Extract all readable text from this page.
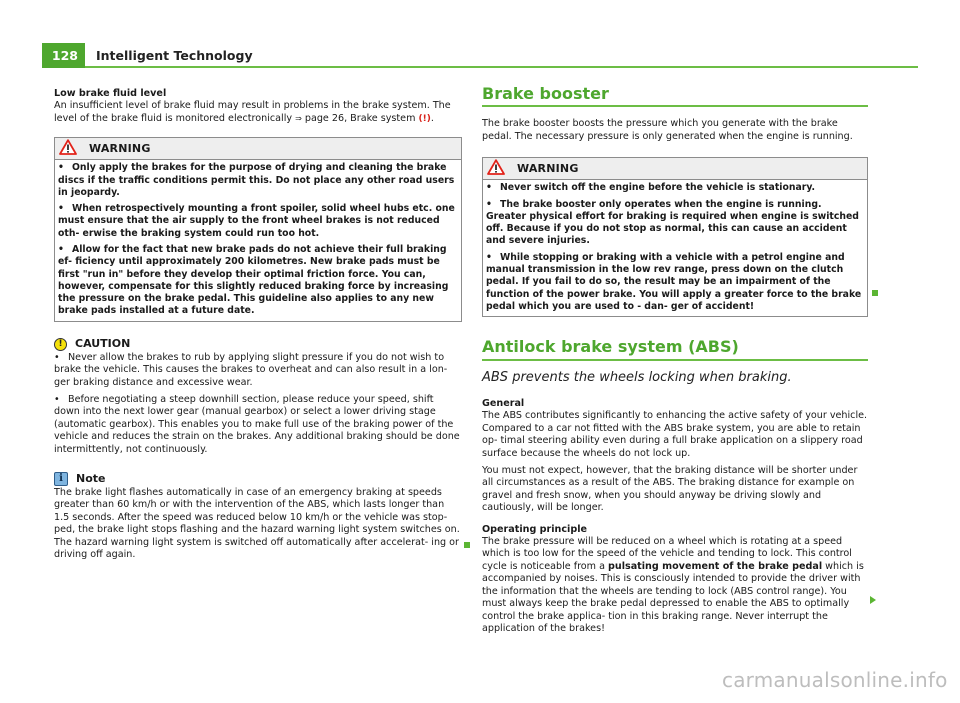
128	Intelligent Technology

Low brake fluid level

An insufficient level of brake fluid may result in problems in the brake system. The level of the brake fluid is monitored electronically ⇒ page 26, Brake system (!).

WARNING
• Only apply the brakes for the purpose of drying and cleaning the brake discs if the traffic conditions permit this. Do not place any other road users in jeopardy.
• When retrospectively mounting a front spoiler, solid wheel hubs etc. one must ensure that the air supply to the front wheel brakes is not reduced oth- erwise the braking system could run too hot.
• Allow for the fact that new brake pads do not achieve their full braking ef- ficiency until approximately 200 kilometres. New brake pads must be first "run in" before they develop their optimal friction force. You can, however, compensate for this slightly reduced braking force by increasing the pressure on the brake pedal. This guideline also applies to any new brake pads installed at a future date.
!	CAUTION
• Never allow the brakes to rub by applying slight pressure if you do not wish to brake the vehicle. This causes the brakes to overheat and can also result in a lon- ger braking distance and excessive wear.
• Before negotiating a steep downhill section, please reduce your speed, shift down into the next lower gear (manual gearbox) or select a lower driving stage (automatic gearbox). This enables you to make full use of the braking power of the vehicle and reduces the strain on the brakes. Any additional braking should be done intermittently, not continuously.
i	Note

The brake light flashes automatically in case of an emergency braking at speeds greater than 60 km/h or with the intervention of the ABS, which lasts longer than 1.5 seconds. After the speed was reduced below 10 km/h or the vehicle was stop- ped, the brake light stops flashing and the hazard warning light system switches on. The hazard warning light system is switched off automatically after accelerat- ing or driving off again.

Brake booster

The brake booster boosts the pressure which you generate with the brake pedal. The necessary pressure is only generated when the engine is running.

WARNING
• Never switch off the engine before the vehicle is stationary.
• The brake booster only operates when the engine is running. Greater physical effort for braking is required when engine is switched off. Because if you do not stop as normal, this can cause an accident and severe injuries.
• While stopping or braking with a vehicle with a petrol engine and manual transmission in the low rev range, press down on the clutch pedal. If you fail to do so, the result may be an impairment of the function of the power brake. You will apply a greater force to the brake pedal which you are used to - dan- ger of accident!
Antilock brake system (ABS)
ABS prevents the wheels locking when braking.

General

The ABS contributes significantly to enhancing the active safety of your vehicle. Compared to a car not fitted with the ABS brake system, you are able to retain op- timal steering ability even during a full brake application on a slippery road surface because the wheels do not lock up.

You must not expect, however, that the braking distance will be shorter under all circumstances as a result of the ABS. The braking distance for example on gravel and fresh snow, when you should anyway be driving slowly and cautiously, will be longer.

Operating principle

The brake pressure will be reduced on a wheel which is rotating at a speed which is too low for the speed of the vehicle and tending to lock. This control cycle is noticeable from a pulsating movement of the brake pedal which is accompanied by noises. This is consciously intended to provide the driver with the information that the wheels are tending to lock (ABS control range). You must always keep the brake pedal depressed to enable the ABS to optimally control the brake applica- tion in this braking range. Never interrupt the application of the brakes!

carmanualsonline.info
